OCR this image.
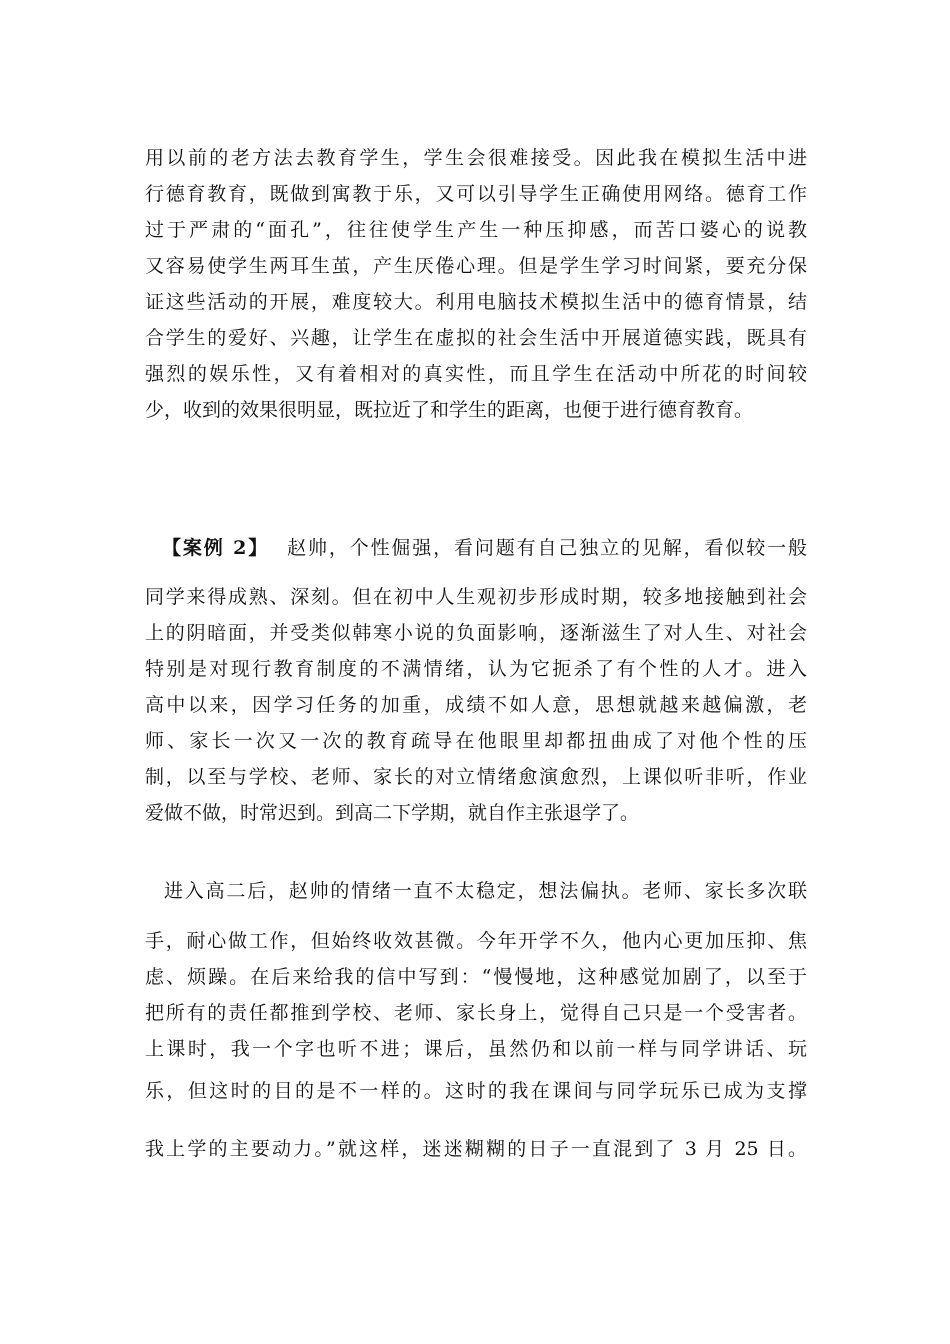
用以前的老方法去教育学生，学生会很难接受。因此我在模拟生活中进
行德育教育，既做到寓教于乐，又可以引导学生正确使用网络。德育工作
过于严肃的“面孔”，往往使学生产生一种压抑感，而苦口婆心的说教
又容易使学生两耳生茧，产生厌倦心理。但是学生学习时间紧，要充分保
证这些活动的开展，难度较大。利用电脑技术模拟生活中的德育情景，结
合学生的爱好、兴趣，让学生在虚拟的社会生活中开展道德实践，既具有
强烈的娱乐性，又有着相对的真实性，而且学生在活动中所花的时间较
少，收到的效果很明显，既拉近了和学生的距离，也便于进行德育教育。
【案例 2】 赵帅，个性倔强，看问题有自己独立的见解，看似较一般
同学来得成熟、深刻。但在初中人生观初步形成时期，较多地接触到社会
上的阴暗面，并受类似韩寒小说的负面影响，逐渐滋生了对人生、对社会
特别是对现行教育制度的不满情绪，认为它扼杀了有个性的人才。进入
高中以来，因学习任务的加重，成绩不如人意，思想就越来越偏激，老
师、家长一次又一次的教育疏导在他眼里却都扭曲成了对他个性的压
制，以至与学校、老师、家长的对立情绪愈演愈烈，上课似听非听，作业
爱做不做，时常迟到。到高二下学期，就自作主张退学了。
进入高二后，赵帅的情绪一直不太稳定，想法偏执。老师、家长多次联
手，耐心做工作，但始终收效甚微。今年开学不久，他内心更加压抑、焦
虑、烦躁。在后来给我的信中写到：“慢慢地，这种感觉加剧了，以至于
把所有的责任都推到学校、老师、家长身上，觉得自己只是一个受害者。
上课时，我一个字也听不进；课后，虽然仍和以前一样与同学讲话、玩
乐，但这时的目的是不一样的。这时的我在课间与同学玩乐已成为支撑
我上学的主要动力。”就这样，迷迷糊糊的日子一直混到了 3 月 25 日。
